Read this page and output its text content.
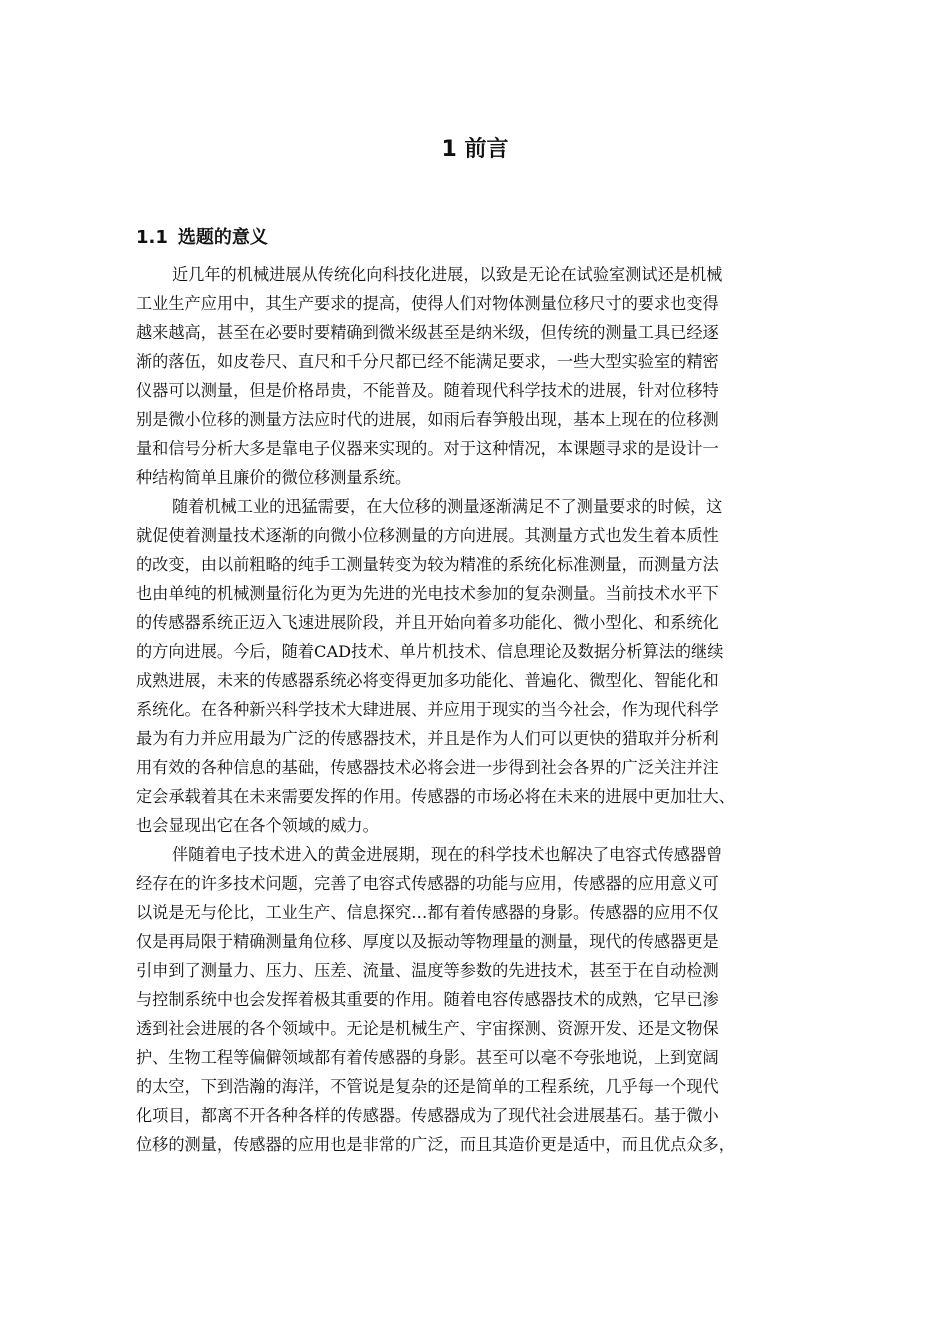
1 前言
1.1 选题的意义

近几年的机械进展从传统化向科技化进展，以致是无论在试验室测试还是机械

工业生产应用中，其生产要求的提高，使得人们对物体测量位移尺寸的要求也变得

越来越高，甚至在必要时要精确到微米级甚至是纳米级，但传统的测量工具已经逐

渐的落伍，如皮卷尺、直尺和千分尺都已经不能满足要求，一些大型实验室的精密

仪器可以测量，但是价格昂贵，不能普及。随着现代科学技术的进展，针对位移特

别是微小位移的测量方法应时代的进展，如雨后春笋般出现，基本上现在的位移测

量和信号分析大多是靠电子仪器来实现的。对于这种情况，本课题寻求的是设计一

种结构简单且廉价的微位移测量系统。

随着机械工业的迅猛需要，在大位移的测量逐渐满足不了测量要求的时候，这

就促使着测量技术逐渐的向微小位移测量的方向进展。其测量方式也发生着本质性

的改变，由以前粗略的纯手工测量转变为较为精准的系统化标准测量，而测量方法

也由单纯的机械测量衍化为更为先进的光电技术参加的复杂测量。当前技术水平下

的传感器系统正迈入飞速进展阶段，并且开始向着多功能化、微小型化、和系统化

的方向进展。今后，随着CAD技术、单片机技术、信息理论及数据分析算法的继续

成熟进展，未来的传感器系统必将变得更加多功能化、普遍化、微型化、智能化和

系统化。在各种新兴科学技术大肆进展、并应用于现实的当今社会，作为现代科学

最为有力并应用最为广泛的传感器技术，并且是作为人们可以更快的猎取并分析利

用有效的各种信息的基础，传感器技术必将会进一步得到社会各界的广泛关注并注

定会承载着其在未来需要发挥的作用。传感器的市场必将在未来的进展中更加壮大、

也会显现出它在各个领域的威力。

伴随着电子技术进入的黄金进展期，现在的科学技术也解决了电容式传感器曾

经存在的许多技术问题，完善了电容式传感器的功能与应用，传感器的应用意义可

以说是无与伦比，工业生产、信息探究…都有着传感器的身影。传感器的应用不仅

仅是再局限于精确测量角位移、厚度以及振动等物理量的测量，现代的传感器更是

引申到了测量力、压力、压差、流量、温度等参数的先进技术，甚至于在自动检测

与控制系统中也会发挥着极其重要的作用。随着电容传感器技术的成熟，它早已渗

透到社会进展的各个领域中。无论是机械生产、宇宙探测、资源开发、还是文物保

护、生物工程等偏僻领域都有着传感器的身影。甚至可以毫不夸张地说，上到宽阔

的太空，下到浩瀚的海洋，不管说是复杂的还是简单的工程系统，几乎每一个现代

化项目，都离不开各种各样的传感器。传感器成为了现代社会进展基石。基于微小

位移的测量，传感器的应用也是非常的广泛，而且其造价更是适中，而且优点众多，
